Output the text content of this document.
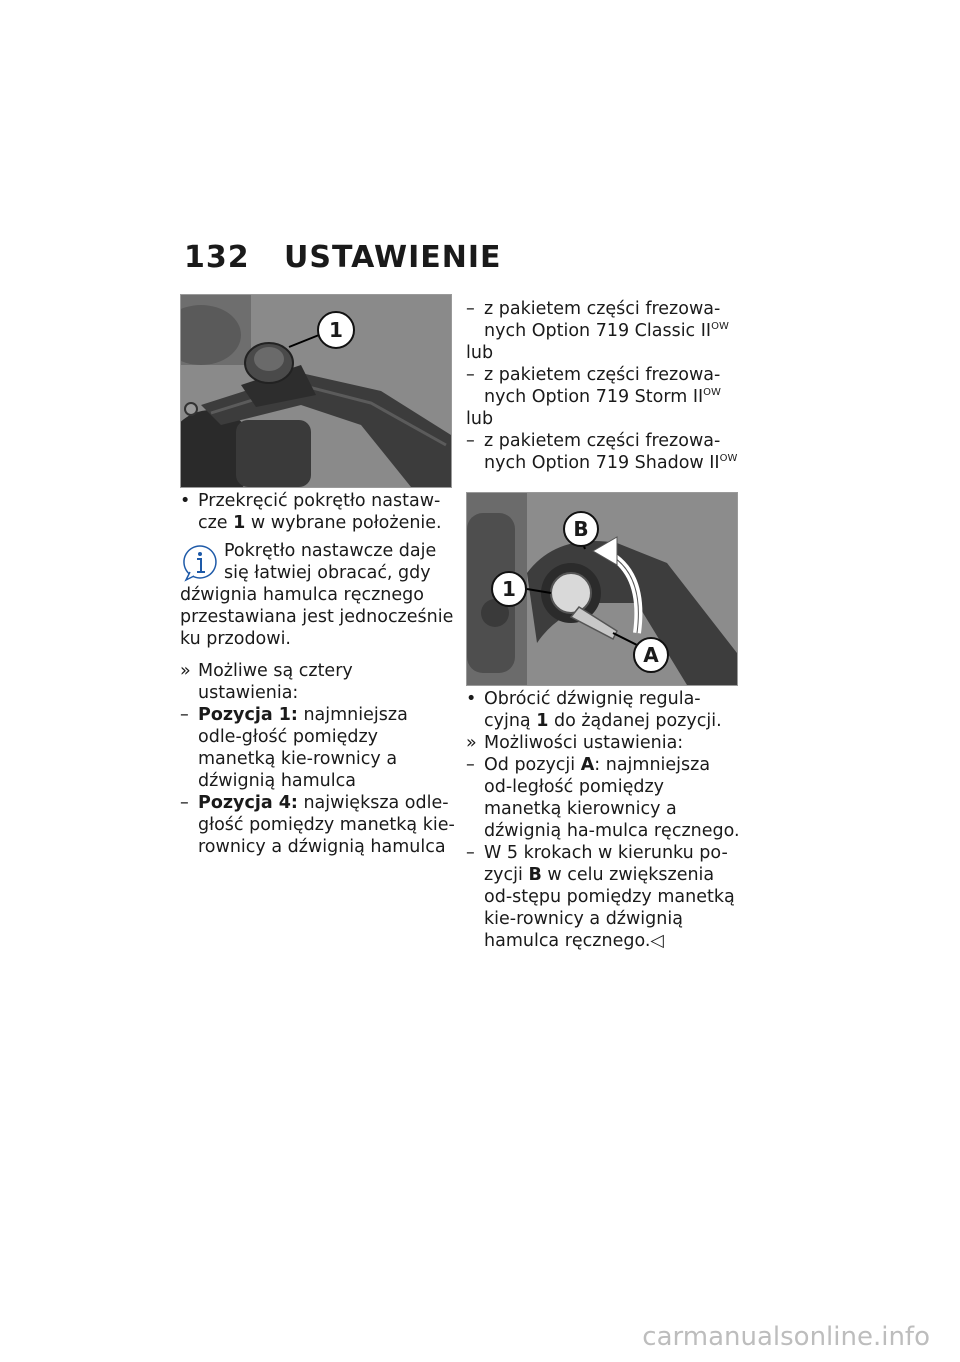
132 USTAWIENIE
1

• Przekręcić pokrętło nastaw-
cze 1 w wybrane położenie.

Pokrętło nastawcze daje
się łatwiej obracać, gdy
dźwignia hamulca ręcznego przestawiana jest jednocześnie ku przodowi.

» Możliwe są cztery ustawienia:

– Pozycja 1: najmniejsza odle-głość pomiędzy manetką kie-rownicy a dźwignią hamulca

– Pozycja 4: największa odle-głość pomiędzy manetką kie-rownicy a dźwignią hamulca

– z pakietem części frezowa-nych Option 719 Classic $II^{OW}$

lub

– z pakietem części frezowa-nych Option 719 Storm $II^{OW}$

lub

– z pakietem części frezowa-nych Option 719 Shadow $II^{OW}$

B
1
A

• Obrócić dźwignię regula-cyjną 1 do żądanej pozycji.

» Możliwości ustawienia:

– Od pozycji A: najmniejsza od-ległość pomiędzy manetką kierownicy a dźwignią ha-mulca ręcznego.

– W 5 krokach w kierunku po-zycji B w celu zwiększenia od-stępu pomiędzy manetką kie-rownicy a dźwignią hamulca ręcznego.◁

carmanualsonline.info
